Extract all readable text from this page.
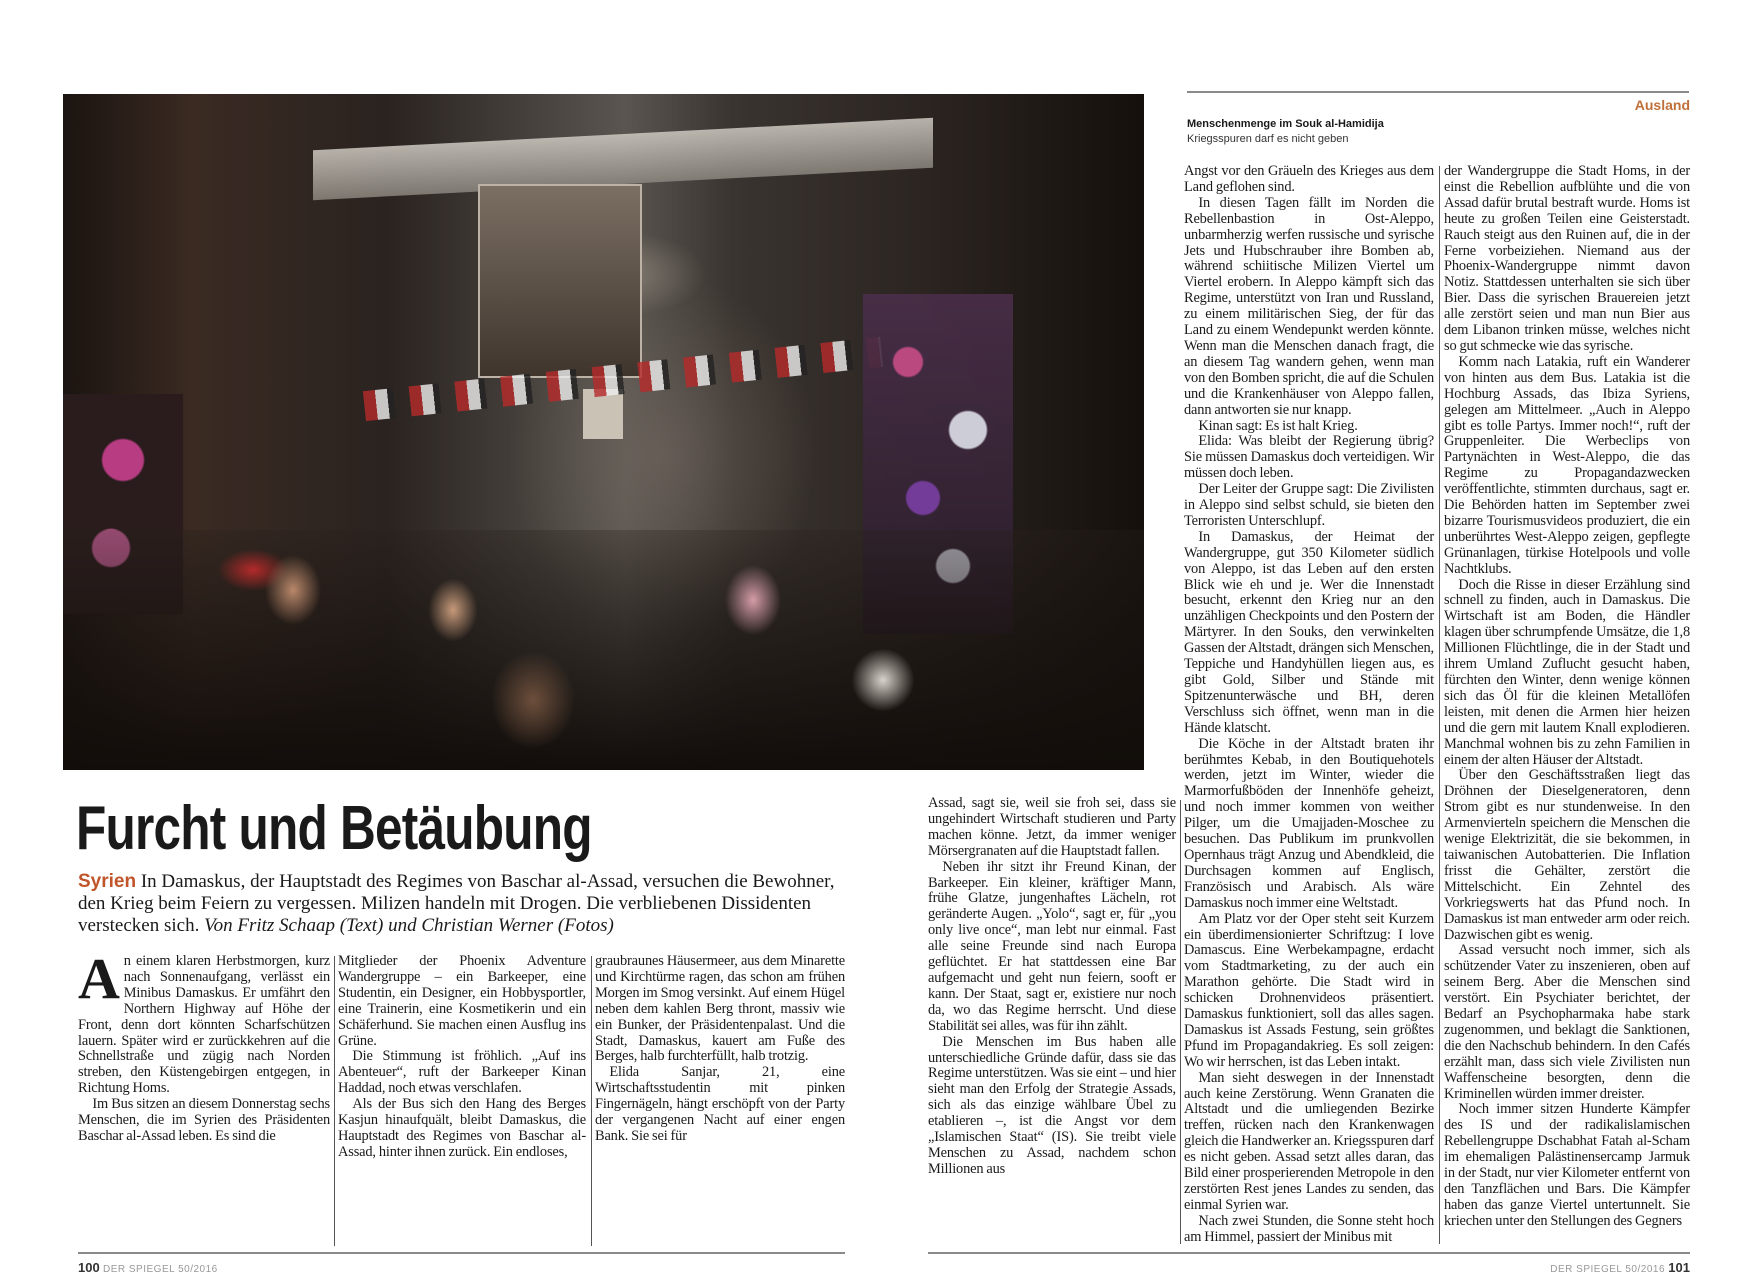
Ausland
Menschenmenge im Souk al-Hamidija
Kriegsspuren darf es nicht geben
Furcht und Betäubung
Syrien In Damaskus, der Hauptstadt des Regimes von Baschar al-Assad, versuchen die Bewohner, den Krieg beim Feiern zu vergessen. Milizen handeln mit Drogen. Die verbliebenen Dissidenten verstecken sich. Von Fritz Schaap (Text) und Christian Werner (Fotos)

An einem klaren Herbstmorgen, kurz nach Sonnenaufgang, verlässt ein Minibus Damaskus. Er umfährt den Northern Highway auf Höhe der Front, denn dort könnten Scharfschützen lauern. Später wird er zurückkehren auf die Schnellstraße und zügig nach Norden streben, den Küstengebirgen entgegen, in Richtung Homs.

Im Bus sitzen an diesem Donnerstag sechs Menschen, die im Syrien des Präsidenten Baschar al-Assad leben. Es sind die

Mitglieder der Phoenix Adventure Wandergruppe – ein Barkeeper, eine Studentin, ein Designer, ein Hobbysportler, eine Trainerin, eine Kosmetikerin und ein Schäferhund. Sie machen einen Ausflug ins Grüne.

Die Stimmung ist fröhlich. „Auf ins Abenteuer“, ruft der Barkeeper Kinan Haddad, noch etwas verschlafen.

Als der Bus sich den Hang des Berges Kasjun hinaufquält, bleibt Damaskus, die Hauptstadt des Regimes von Baschar al-Assad, hinter ihnen zurück. Ein endloses,

graubraunes Häusermeer, aus dem Minarette und Kirchtürme ragen, das schon am frühen Morgen im Smog versinkt. Auf einem Hügel neben dem kahlen Berg thront, massiv wie ein Bunker, der Präsidentenpalast. Und die Stadt, Damaskus, kauert am Fuße des Berges, halb furchterfüllt, halb trotzig.

Elida Sanjar, 21, eine Wirtschaftsstudentin mit pinken Fingernägeln, hängt erschöpft von der Party der vergangenen Nacht auf einer engen Bank. Sie sei für

Assad, sagt sie, weil sie froh sei, dass sie ungehindert Wirtschaft studieren und Party machen könne. Jetzt, da immer weniger Mörsergranaten auf die Hauptstadt fallen.

Neben ihr sitzt ihr Freund Kinan, der Barkeeper. Ein kleiner, kräftiger Mann, frühe Glatze, jungenhaftes Lächeln, rot geränderte Augen. „Yolo“, sagt er, für „you only live once“, man lebt nur einmal. Fast alle seine Freunde sind nach Europa geflüchtet. Er hat stattdessen eine Bar aufgemacht und geht nun feiern, sooft er kann. Der Staat, sagt er, existiere nur noch da, wo das Regime herrscht. Und diese Stabilität sei alles, was für ihn zählt.

Die Menschen im Bus haben alle unterschiedliche Gründe dafür, dass sie das Regime unterstützen. Was sie eint – und hier sieht man den Erfolg der Strategie Assads, sich als das einzige wählbare Übel zu etablieren –, ist die Angst vor dem „Islamischen Staat“ (IS). Sie treibt viele Menschen zu Assad, nachdem schon Millionen aus

Angst vor den Gräueln des Krieges aus dem Land geflohen sind.

In diesen Tagen fällt im Norden die Rebellenbastion in Ost-Aleppo, unbarmherzig werfen russische und syrische Jets und Hubschrauber ihre Bomben ab, während schiitische Milizen Viertel um Viertel erobern. In Aleppo kämpft sich das Regime, unterstützt von Iran und Russland, zu einem militärischen Sieg, der für das Land zu einem Wendepunkt werden könnte. Wenn man die Menschen danach fragt, die an diesem Tag wandern gehen, wenn man von den Bomben spricht, die auf die Schulen und die Krankenhäuser von Aleppo fallen, dann antworten sie nur knapp.

Kinan sagt: Es ist halt Krieg.

Elida: Was bleibt der Regierung übrig? Sie müssen Damaskus doch verteidigen. Wir müssen doch leben.

Der Leiter der Gruppe sagt: Die Zivilisten in Aleppo sind selbst schuld, sie bieten den Terroristen Unterschlupf.

In Damaskus, der Heimat der Wandergruppe, gut 350 Kilometer südlich von Aleppo, ist das Leben auf den ersten Blick wie eh und je. Wer die Innenstadt besucht, erkennt den Krieg nur an den unzähligen Checkpoints und den Postern der Märtyrer. In den Souks, den verwinkelten Gassen der Altstadt, drängen sich Menschen, Teppiche und Handyhüllen liegen aus, es gibt Gold, Silber und Stände mit Spitzenunterwäsche und BH, deren Verschluss sich öffnet, wenn man in die Hände klatscht.

Die Köche in der Altstadt braten ihr berühmtes Kebab, in den Boutiquehotels werden, jetzt im Winter, wieder die Marmorfußböden der Innenhöfe geheizt, und noch immer kommen von weither Pilger, um die Umajjaden-Moschee zu besuchen. Das Publikum im prunkvollen Opernhaus trägt Anzug und Abendkleid, die Durchsagen kommen auf Englisch, Französisch und Arabisch. Als wäre Damaskus noch immer eine Weltstadt.

Am Platz vor der Oper steht seit Kurzem ein überdimensionierter Schriftzug: I love Damascus. Eine Werbekampagne, erdacht vom Stadtmarketing, zu der auch ein Marathon gehörte. Die Stadt wird in schicken Drohnenvideos präsentiert. Damaskus funktioniert, soll das alles sagen. Damaskus ist Assads Festung, sein größtes Pfund im Propagandakrieg. Es soll zeigen: Wo wir herrschen, ist das Leben intakt.

Man sieht deswegen in der Innenstadt auch keine Zerstörung. Wenn Granaten die Altstadt und die umliegenden Bezirke treffen, rücken nach den Krankenwagen gleich die Handwerker an. Kriegsspuren darf es nicht geben. Assad setzt alles daran, das Bild einer prosperierenden Metropole in den zerstörten Rest jenes Landes zu senden, das einmal Syrien war.

Nach zwei Stunden, die Sonne steht hoch am Himmel, passiert der Minibus mit

der Wandergruppe die Stadt Homs, in der einst die Rebellion aufblühte und die von Assad dafür brutal bestraft wurde. Homs ist heute zu großen Teilen eine Geisterstadt. Rauch steigt aus den Ruinen auf, die in der Ferne vorbeiziehen. Niemand aus der Phoenix-Wandergruppe nimmt davon Notiz. Stattdessen unterhalten sie sich über Bier. Dass die syrischen Brauereien jetzt alle zerstört seien und man nun Bier aus dem Libanon trinken müsse, welches nicht so gut schmecke wie das syrische.

Komm nach Latakia, ruft ein Wanderer von hinten aus dem Bus. Latakia ist die Hochburg Assads, das Ibiza Syriens, gelegen am Mittelmeer. „Auch in Aleppo gibt es tolle Partys. Immer noch!“, ruft der Gruppenleiter. Die Werbeclips von Partynächten in West-Aleppo, die das Regime zu Propagandazwecken veröffentlichte, stimmten durchaus, sagt er. Die Behörden hatten im September zwei bizarre Tourismusvideos produziert, die ein unberührtes West-Aleppo zeigen, gepflegte Grünanlagen, türkise Hotelpools und volle Nachtklubs.

Doch die Risse in dieser Erzählung sind schnell zu finden, auch in Damaskus. Die Wirtschaft ist am Boden, die Händler klagen über schrumpfende Umsätze, die 1,8 Millionen Flüchtlinge, die in der Stadt und ihrem Umland Zuflucht gesucht haben, fürchten den Winter, denn wenige können sich das Öl für die kleinen Metallöfen leisten, mit denen die Armen hier heizen und die gern mit lautem Knall explodieren. Manchmal wohnen bis zu zehn Familien in einem der alten Häuser der Altstadt.

Über den Geschäftsstraßen liegt das Dröhnen der Dieselgeneratoren, denn Strom gibt es nur stundenweise. In den Armenvierteln speichern die Menschen die wenige Elektrizität, die sie bekommen, in taiwanischen Autobatterien. Die Inflation frisst die Gehälter, zerstört die Mittelschicht. Ein Zehntel des Vorkriegswerts hat das Pfund noch. In Damaskus ist man entweder arm oder reich. Dazwischen gibt es wenig.

Assad versucht noch immer, sich als schützender Vater zu inszenieren, oben auf seinem Berg. Aber die Menschen sind verstört. Ein Psychiater berichtet, der Bedarf an Psychopharmaka habe stark zugenommen, und beklagt die Sanktionen, die den Nachschub behindern. In den Cafés erzählt man, dass sich viele Zivilisten nun Waffenscheine besorgten, denn die Kriminellen würden immer dreister.

Noch immer sitzen Hunderte Kämpfer des IS und der radikalislamischen Rebellengruppe Dschabhat Fatah al-Scham im ehemaligen Palästinensercamp Jarmuk in der Stadt, nur vier Kilometer entfernt von den Tanzflächen und Bars. Die Kämpfer haben das ganze Viertel untertunnelt. Sie kriechen unter den Stellungen des Gegners

100 DER SPIEGEL 50/2016	DER SPIEGEL 50/2016 101
